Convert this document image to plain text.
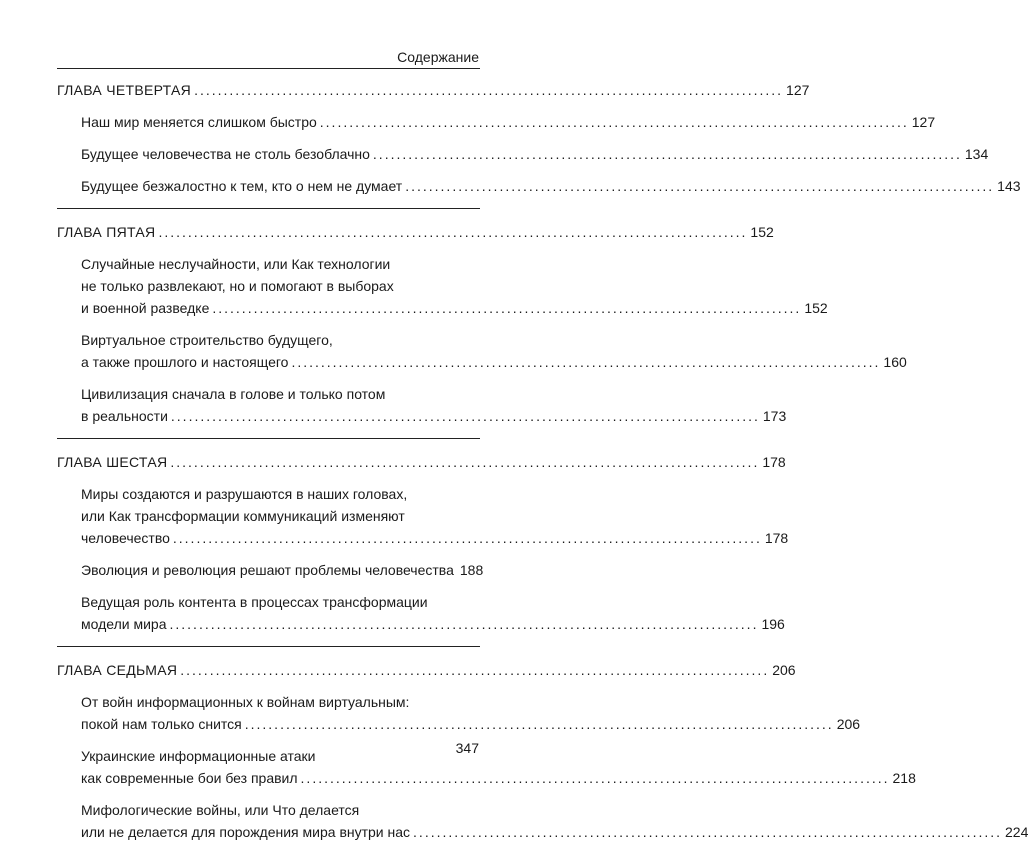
Содержание
ГЛАВА ЧЕТВЕРТАЯ .................................................................................................... 127
Наш мир меняется слишком быстро .................................................................................................... 127
Будущее человечества не столь безоблачно .................................................................................................... 134
Будущее безжалостно к тем, кто о нем не думает .................................................................................................... 143
ГЛАВА ПЯТАЯ .................................................................................................... 152
Случайные неслучайности, или Как технологии
не только развлекают, но и помогают в выборах
и военной разведке .................................................................................................... 152
Виртуальное строительство будущего,
а также прошлого и настоящего .................................................................................................... 160
Цивилизация сначала в голове и только потом
в реальности .................................................................................................... 173
ГЛАВА ШЕСТАЯ .................................................................................................... 178
Миры создаются и разрушаются в наших головах,
или Как трансформации коммуникаций изменяют
человечество .................................................................................................... 178
Эволюция и революция решают проблемы человечества 188
Ведущая роль контента в процессах трансформации
модели мира .................................................................................................... 196
ГЛАВА СЕДЬМАЯ .................................................................................................... 206
От войн информационных к войнам виртуальным:
покой нам только снится .................................................................................................... 206
Украинские информационные атаки
как современные бои без правил .................................................................................................... 218
Мифологические войны, или Что делается
или не делается для порождения мира внутри нас .................................................................................................... 224
347
